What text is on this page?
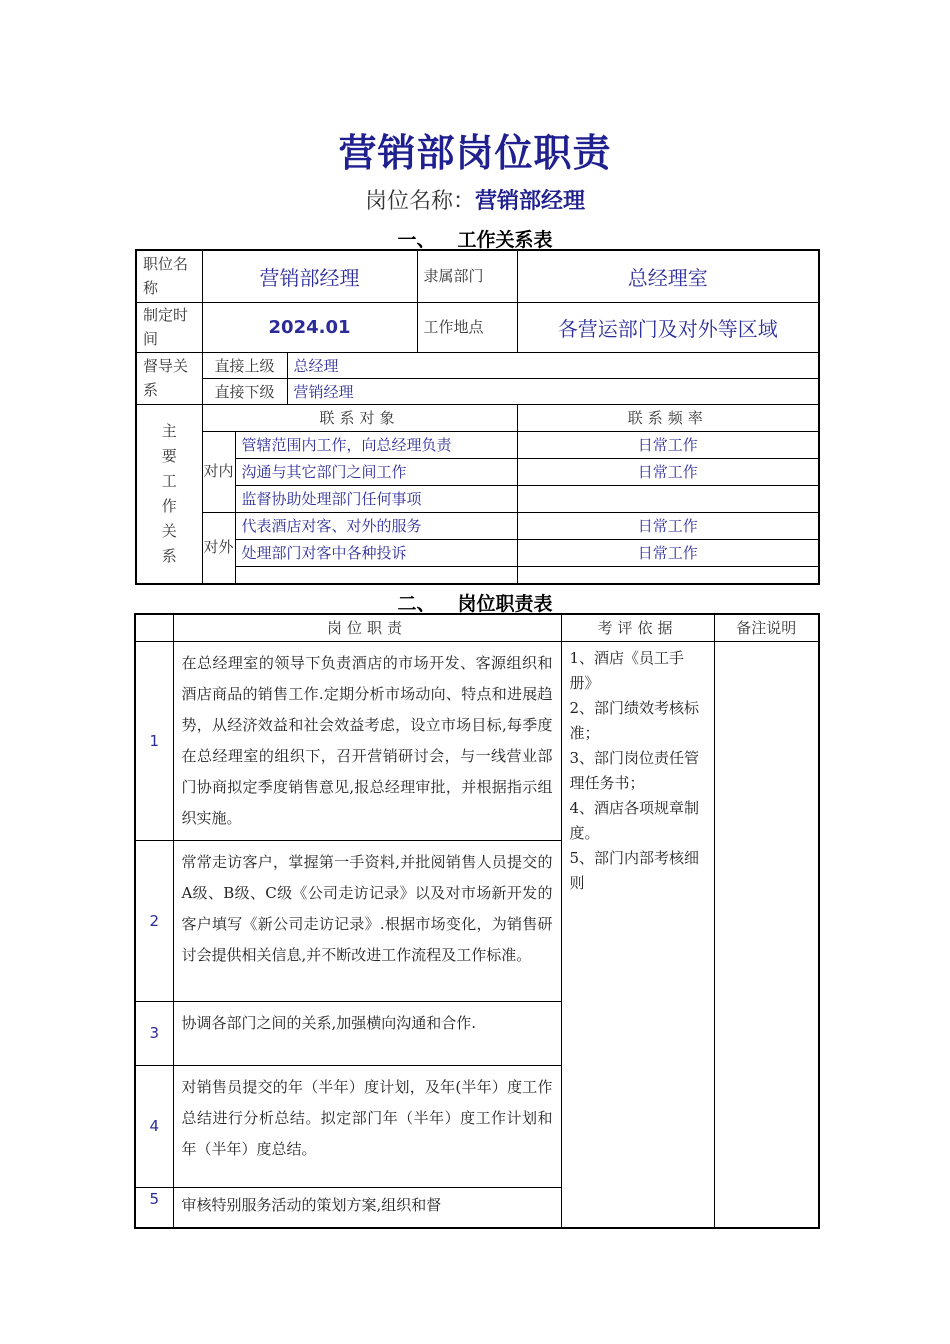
营销部岗位职责
岗位名称：营销部经理
一、 工作关系表
职位名称	营销部经理			隶属部门	总经理室
制定时间	2024.01			工作地点	各营运部门及对外等区域
督导关系	直接上级		总经理		
	直接下级		营销经理		
主要工作关系	联系对象				联系频率
	对内	管辖范围内工作，向总经理负责			日常工作
		沟通与其它部门之间工作			日常工作
		监督协助处理部门任何事项			
	对外	代表酒店对客、对外的服务			日常工作
		处理部门对客中各种投诉			日常工作

二、 岗位职责表
	岗位职责	考评依据	备注说明
1	在总经理室的领导下负责酒店的市场开发、客源组织和酒店商品的销售工作.定期分析市场动向、特点和进展趋势，从经济效益和社会效益考虑，设立市场目标,每季度在总经理室的组织下，召开营销研讨会，与一线营业部门协商拟定季度销售意见,报总经理审批，并根据指示组织实施。	1、酒店《员工手册》
2、部门绩效考核标准；
3、部门岗位责任管理任务书；
4、酒店各项规章制度。
5、部门内部考核细则	

2	常常走访客户，掌握第一手资料,并批阅销售人员提交的A级、B级、C级《公司走访记录》以及对市场新开发的客户填写《新公司走访记录》.根据市场变化，为销售研讨会提供相关信息,并不断改进工作流程及工作标准。		
3	协调各部门之间的关系,加强横向沟通和合作.		
4	对销售员提交的年（半年）度计划，及年(半年）度工作总结进行分析总结。拟定部门年（半年）度工作计划和年（半年）度总结。		
5	审核特别服务活动的策划方案,组织和督		
